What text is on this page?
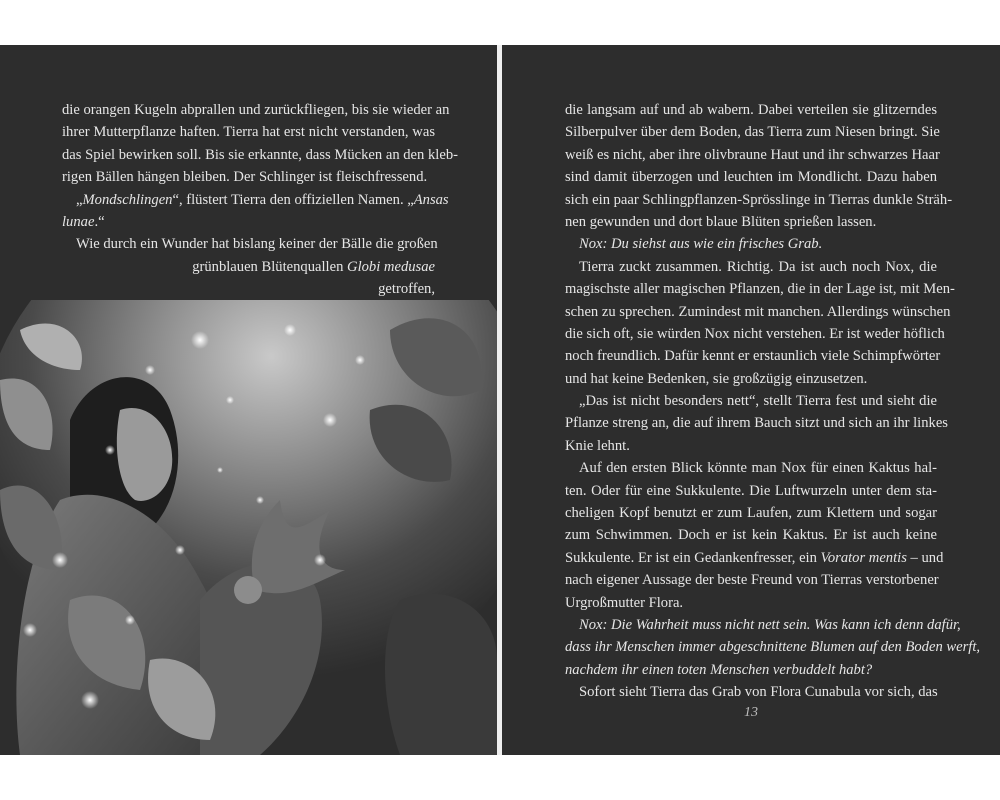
die orangen Kugeln abprallen und zurückfliegen, bis sie wieder an
ihrer Mutterpflanze haften. Tierra hat erst nicht verstanden, was
das Spiel bewirken soll. Bis sie erkannte, dass Mücken an den kleb-
rigen Bällen hängen bleiben. Der Schlinger ist fleischfressend.
„Mondschlingen“, flüstert Tierra den offiziellen Namen. „Ansas
lunae.“
Wie durch ein Wunder hat bislang keiner der Bälle die großen
grünblauen Blütenquallen Globi medusae
getroffen,
die langsam auf und ab wabern. Dabei verteilen sie glitzerndes
Silberpulver über dem Boden, das Tierra zum Niesen bringt. Sie
weiß es nicht, aber ihre olivbraune Haut und ihr schwarzes Haar
sind damit überzogen und leuchten im Mondlicht. Dazu haben
sich ein paar Schlingpflanzen-Sprösslinge in Tierras dunkle Sträh-
nen gewunden und dort blaue Blüten sprießen lassen.
Nox: Du siehst aus wie ein frisches Grab.
Tierra zuckt zusammen. Richtig. Da ist auch noch Nox, die
magischste aller magischen Pflanzen, die in der Lage ist, mit Men-
schen zu sprechen. Zumindest mit manchen. Allerdings wünschen
die sich oft, sie würden Nox nicht verstehen. Er ist weder höflich
noch freundlich. Dafür kennt er erstaunlich viele Schimpfwörter
und hat keine Bedenken, sie großzügig einzusetzen.
„Das ist nicht besonders nett“, stellt Tierra fest und sieht die
Pflanze streng an, die auf ihrem Bauch sitzt und sich an ihr linkes
Knie lehnt.
Auf den ersten Blick könnte man Nox für einen Kaktus hal-
ten. Oder für eine Sukkulente. Die Luftwurzeln unter dem sta-
cheligen Kopf benutzt er zum Laufen, zum Klettern und sogar
zum Schwimmen. Doch er ist kein Kaktus. Er ist auch keine
Sukkulente. Er ist ein Gedankenfresser, ein Vorator mentis – und
nach eigener Aussage der beste Freund von Tierras verstorbener
Urgroßmutter Flora.
Nox: Die Wahrheit muss nicht nett sein. Was kann ich denn dafür,
dass ihr Menschen immer abgeschnittene Blumen auf den Boden werft,
nachdem ihr einen toten Menschen verbuddelt habt?
Sofort sieht Tierra das Grab von Flora Cunabula vor sich, das
13
